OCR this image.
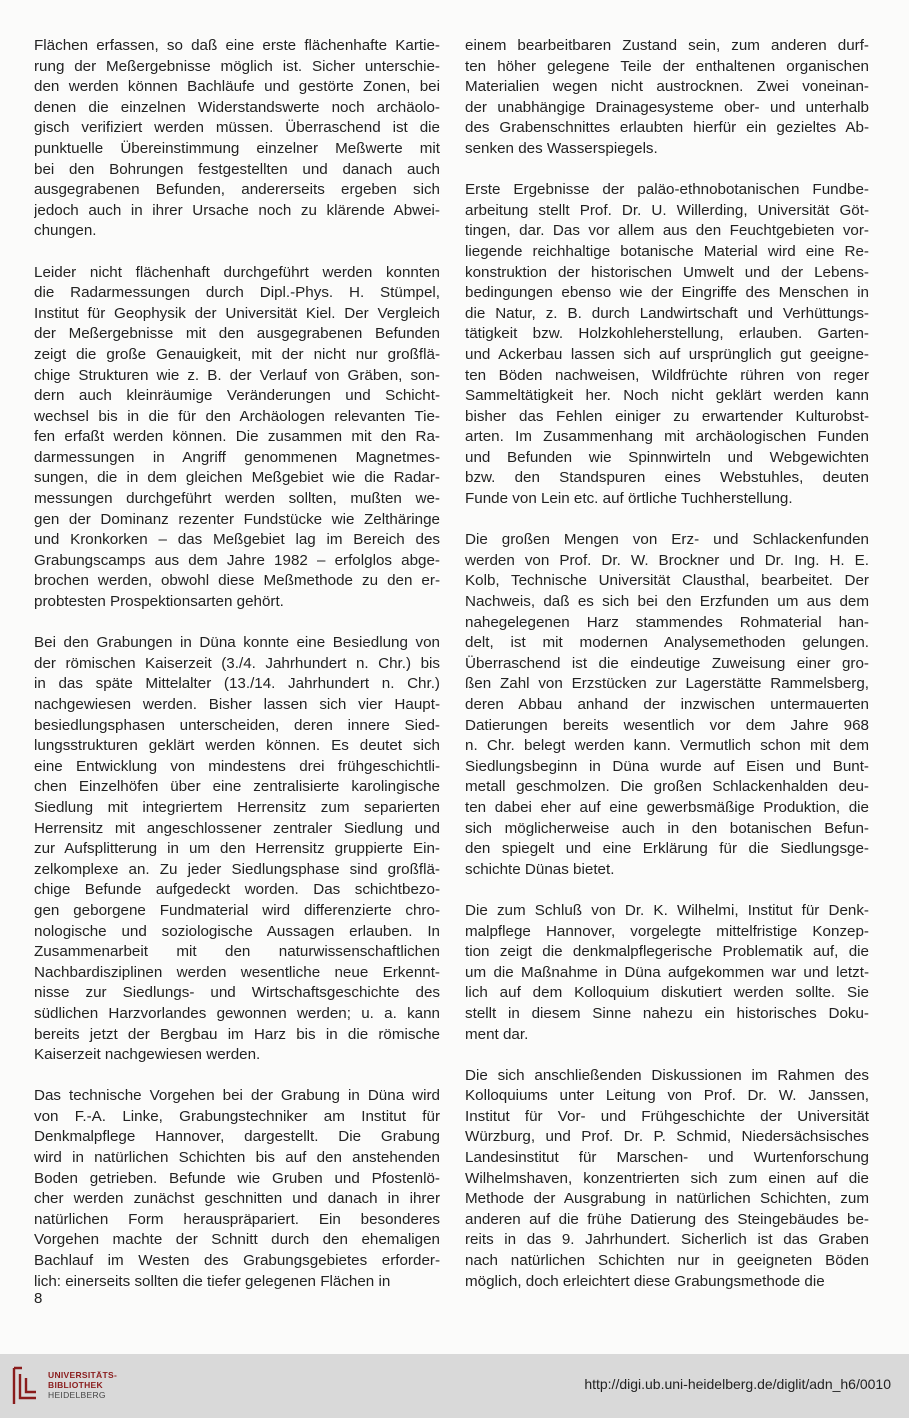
Flächen erfassen, so daß eine erste flächenhafte Kartie-
rung der Meßergebnisse möglich ist. Sicher unterschie-
den werden können Bachläufe und gestörte Zonen, bei
denen die einzelnen Widerstandswerte noch archäolo-
gisch verifiziert werden müssen. Überraschend ist die
punktuelle Übereinstimmung einzelner Meßwerte mit
bei den Bohrungen festgestellten und danach auch
ausgegrabenen Befunden, andererseits ergeben sich
jedoch auch in ihrer Ursache noch zu klärende Abwei-
chungen.
Leider nicht flächenhaft durchgeführt werden konnten
die Radarmessungen durch Dipl.-Phys. H. Stümpel,
Institut für Geophysik der Universität Kiel. Der Vergleich
der Meßergebnisse mit den ausgegrabenen Befunden
zeigt die große Genauigkeit, mit der nicht nur großflä-
chige Strukturen wie z. B. der Verlauf von Gräben, son-
dern auch kleinräumige Veränderungen und Schicht-
wechsel bis in die für den Archäologen relevanten Tie-
fen erfaßt werden können. Die zusammen mit den Ra-
darmessungen in Angriff genommenen Magnetmes-
sungen, die in dem gleichen Meßgebiet wie die Radar-
messungen durchgeführt werden sollten, mußten we-
gen der Dominanz rezenter Fundstücke wie Zelthäringe
und Kronkorken – das Meßgebiet lag im Bereich des
Grabungscamps aus dem Jahre 1982 – erfolglos abge-
brochen werden, obwohl diese Meßmethode zu den er-
probtesten Prospektionsarten gehört.
Bei den Grabungen in Düna konnte eine Besiedlung von
der römischen Kaiserzeit (3./4. Jahrhundert n. Chr.) bis
in das späte Mittelalter (13./14. Jahrhundert n. Chr.)
nachgewiesen werden. Bisher lassen sich vier Haupt-
besiedlungsphasen unterscheiden, deren innere Sied-
lungsstrukturen geklärt werden können. Es deutet sich
eine Entwicklung von mindestens drei frühgeschichtli-
chen Einzelhöfen über eine zentralisierte karolingische
Siedlung mit integriertem Herrensitz zum separierten
Herrensitz mit angeschlossener zentraler Siedlung und
zur Aufsplitterung in um den Herrensitz gruppierte Ein-
zelkomplexe an. Zu jeder Siedlungsphase sind großflä-
chige Befunde aufgedeckt worden. Das schichtbezo-
gen geborgene Fundmaterial wird differenzierte chro-
nologische und soziologische Aussagen erlauben. In
Zusammenarbeit mit den naturwissenschaftlichen
Nachbardisziplinen werden wesentliche neue Erkennt-
nisse zur Siedlungs- und Wirtschaftsgeschichte des
südlichen Harzvorlandes gewonnen werden; u. a. kann
bereits jetzt der Bergbau im Harz bis in die römische
Kaiserzeit nachgewiesen werden.
Das technische Vorgehen bei der Grabung in Düna wird
von F.-A. Linke, Grabungstechniker am Institut für
Denkmalpflege Hannover, dargestellt. Die Grabung
wird in natürlichen Schichten bis auf den anstehenden
Boden getrieben. Befunde wie Gruben und Pfostenlö-
cher werden zunächst geschnitten und danach in ihrer
natürlichen Form herauspräpariert. Ein besonderes
Vorgehen machte der Schnitt durch den ehemaligen
Bachlauf im Westen des Grabungsgebietes erforder-
lich: einerseits sollten die tiefer gelegenen Flächen in
einem bearbeitbaren Zustand sein, zum anderen durf-
ten höher gelegene Teile der enthaltenen organischen
Materialien wegen nicht austrocknen. Zwei voneinan-
der unabhängige Drainagesysteme ober- und unterhalb
des Grabenschnittes erlaubten hierfür ein gezieltes Ab-
senken des Wasserspiegels.
Erste Ergebnisse der paläo-ethnobotanischen Fundbe-
arbeitung stellt Prof. Dr. U. Willerding, Universität Göt-
tingen, dar. Das vor allem aus den Feuchtgebieten vor-
liegende reichhaltige botanische Material wird eine Re-
konstruktion der historischen Umwelt und der Lebens-
bedingungen ebenso wie der Eingriffe des Menschen in
die Natur, z. B. durch Landwirtschaft und Verhüttungs-
tätigkeit bzw. Holzkohleherstellung, erlauben. Garten-
und Ackerbau lassen sich auf ursprünglich gut geeigne-
ten Böden nachweisen, Wildfrüchte rühren von reger
Sammeltätigkeit her. Noch nicht geklärt werden kann
bisher das Fehlen einiger zu erwartender Kulturobst-
arten. Im Zusammenhang mit archäologischen Funden
und Befunden wie Spinnwirteln und Webgewichten
bzw. den Standspuren eines Webstuhles, deuten
Funde von Lein etc. auf örtliche Tuchherstellung.
Die großen Mengen von Erz- und Schlackenfunden
werden von Prof. Dr. W. Brockner und Dr. Ing. H. E.
Kolb, Technische Universität Clausthal, bearbeitet. Der
Nachweis, daß es sich bei den Erzfunden um aus dem
nahegelegenen Harz stammendes Rohmaterial han-
delt, ist mit modernen Analysemethoden gelungen.
Überraschend ist die eindeutige Zuweisung einer gro-
ßen Zahl von Erzstücken zur Lagerstätte Rammelsberg,
deren Abbau anhand der inzwischen untermauerten
Datierungen bereits wesentlich vor dem Jahre 968
n. Chr. belegt werden kann. Vermutlich schon mit dem
Siedlungsbeginn in Düna wurde auf Eisen und Bunt-
metall geschmolzen. Die großen Schlackenhalden deu-
ten dabei eher auf eine gewerbsmäßige Produktion, die
sich möglicherweise auch in den botanischen Befun-
den spiegelt und eine Erklärung für die Siedlungsge-
schichte Dünas bietet.
Die zum Schluß von Dr. K. Wilhelmi, Institut für Denk-
malpflege Hannover, vorgelegte mittelfristige Konzep-
tion zeigt die denkmalpflegerische Problematik auf, die
um die Maßnahme in Düna aufgekommen war und letzt-
lich auf dem Kolloquium diskutiert werden sollte. Sie
stellt in diesem Sinne nahezu ein historisches Doku-
ment dar.
Die sich anschließenden Diskussionen im Rahmen des
Kolloquiums unter Leitung von Prof. Dr. W. Janssen,
Institut für Vor- und Frühgeschichte der Universität
Würzburg, und Prof. Dr. P. Schmid, Niedersächsisches
Landesinstitut für Marschen- und Wurtenforschung
Wilhelmshaven, konzentrierten sich zum einen auf die
Methode der Ausgrabung in natürlichen Schichten, zum
anderen auf die frühe Datierung des Steingebäudes be-
reits in das 9. Jahrhundert. Sicherlich ist das Graben
nach natürlichen Schichten nur in geeigneten Böden
möglich, doch erleichtert diese Grabungsmethode die
8
UNIVERSITÄTS-
BIBLIOTHEK
HEIDELBERG
http://digi.ub.uni-heidelberg.de/diglit/adn_h6/0010
